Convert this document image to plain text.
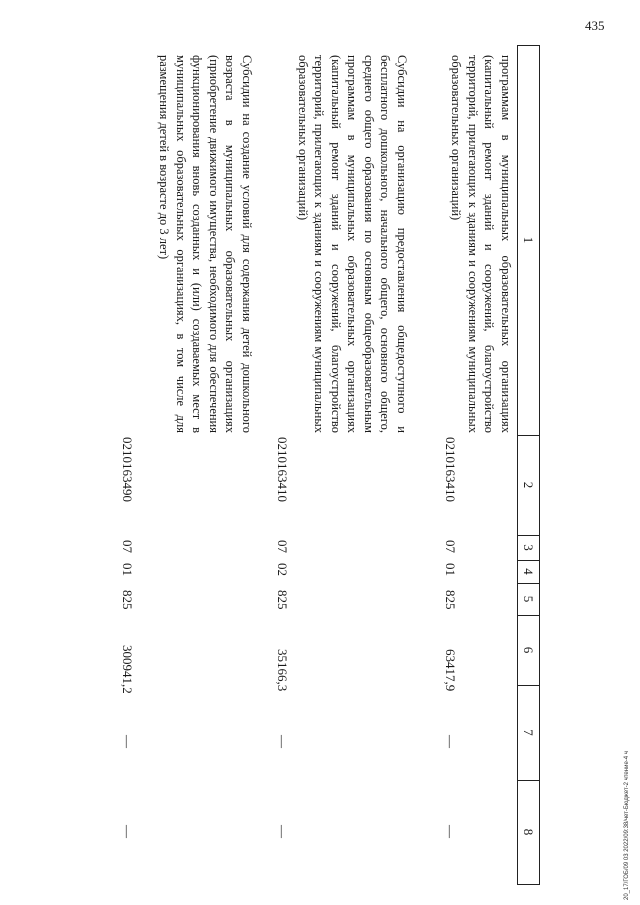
435
20_17/ГОБ/09 03 2022/09:38/чет-Бюджет-2 чтение-4 ч
1
2
3
4
5
6
7
8
программам в муниципальных образовательных организациях (капитальный ремонт зданий и сооружений, благоустройство территорий, прилегающих к зданиям и сооружениям муниципальных образовательных организаций)
0210163410
07
01
825
63417,9
—
—
Субсидии на организацию предоставления общедоступного и бесплатного дошкольного, начального общего, основного общего, среднего общего образования по основным общеобразовательным программам в муниципальных образовательных организациях (капитальный ремонт зданий и сооружений, благоустройство территорий, прилегающих к зданиям и сооружениям муниципальных образовательных организаций)
0210163410
07
02
825
35166,3
—
—
Субсидии на создание условий для содержания детей дошкольного возраста в муниципальных образовательных организациях (приобретение движимого имущества, необходимого для обеспечения функционирования вновь созданных и (или) создаваемых мест в муниципальных образовательных организациях, в том числе для размещения детей в возрасте до 3 лет)
0210163490
07
01
825
300941,2
—
—
